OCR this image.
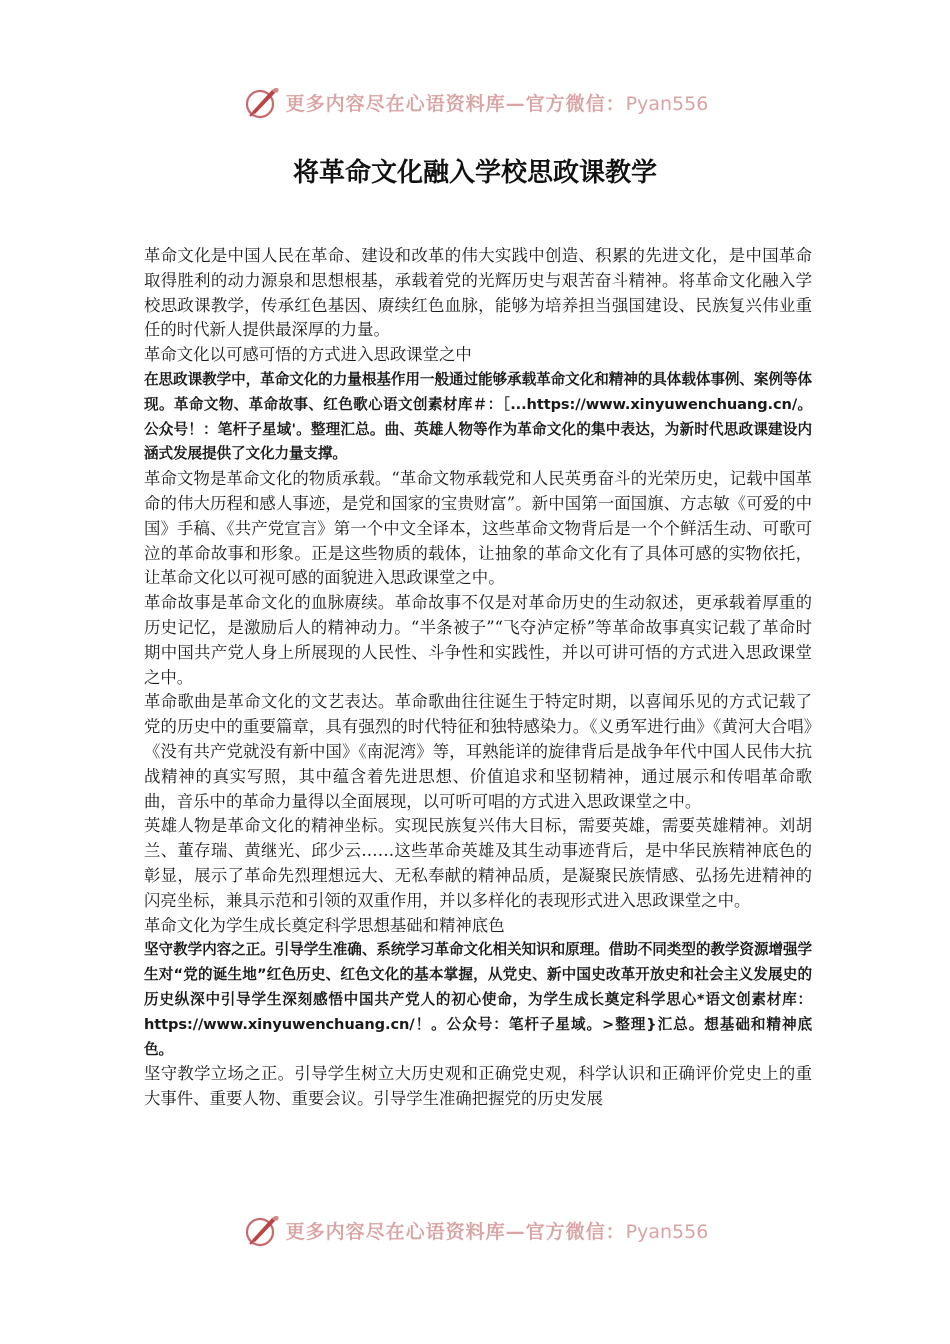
更多内容尽在心语资料库—官方微信：Pyan556
将革命文化融入学校思政课教学

革命文化是中国人民在革命、建设和改革的伟大实践中创造、积累的先进文化，是中国革命取得胜利的动力源泉和思想根基，承载着党的光辉历史与艰苦奋斗精神。将革命文化融入学校思政课教学，传承红色基因、赓续红色血脉，能够为培养担当强国建设、民族复兴伟业重任的时代新人提供最深厚的力量。

革命文化以可感可悟的方式进入思政课堂之中

在思政课教学中，革命文化的力量根基作用一般通过能够承载革命文化和精神的具体载体事例、案例等体现。革命文物、革命故事、红色歌心语文创素材库＃：［...https://www.xinyuwenchuang.cn/。公众号！：笔杆子星域'。整理汇总。曲、英雄人物等作为革命文化的集中表达，为新时代思政课建设内涵式发展提供了文化力量支撑。

革命文物是革命文化的物质承载。“革命文物承载党和人民英勇奋斗的光荣历史，记载中国革命的伟大历程和感人事迹，是党和国家的宝贵财富”。新中国第一面国旗、方志敏《可爱的中国》手稿、《共产党宣言》第一个中文全译本，这些革命文物背后是一个个鲜活生动、可歌可泣的革命故事和形象。正是这些物质的载体，让抽象的革命文化有了具体可感的实物依托，让革命文化以可视可感的面貌进入思政课堂之中。

革命故事是革命文化的血脉赓续。革命故事不仅是对革命历史的生动叙述，更承载着厚重的历史记忆，是激励后人的精神动力。“半条被子”“飞夺泸定桥”等革命故事真实记载了革命时期中国共产党人身上所展现的人民性、斗争性和实践性，并以可讲可悟的方式进入思政课堂之中。

革命歌曲是革命文化的文艺表达。革命歌曲往往诞生于特定时期，以喜闻乐见的方式记载了党的历史中的重要篇章，具有强烈的时代特征和独特感染力。《义勇军进行曲》《黄河大合唱》《没有共产党就没有新中国》《南泥湾》等，耳熟能详的旋律背后是战争年代中国人民伟大抗战精神的真实写照，其中蕴含着先进思想、价值追求和坚韧精神，通过展示和传唱革命歌曲，音乐中的革命力量得以全面展现，以可听可唱的方式进入思政课堂之中。

英雄人物是革命文化的精神坐标。实现民族复兴伟大目标，需要英雄，需要英雄精神。刘胡兰、董存瑞、黄继光、邱少云……这些革命英雄及其生动事迹背后，是中华民族精神底色的彰显，展示了革命先烈理想远大、无私奉献的精神品质，是凝聚民族情感、弘扬先进精神的闪亮坐标，兼具示范和引领的双重作用，并以多样化的表现形式进入思政课堂之中。

革命文化为学生成长奠定科学思想基础和精神底色

坚守教学内容之正。引导学生准确、系统学习革命文化相关知识和原理。借助不同类型的教学资源增强学生对“党的诞生地”红色历史、红色文化的基本掌握，从党史、新中国史改革开放史和社会主义发展史的历史纵深中引导学生深刻感悟中国共产党人的初心使命，为学生成长奠定科学思心*语文创素材库：https://www.xinyuwenchuang.cn/！。公众号：笔杆子星域。>整理}汇总。想基础和精神底色。

坚守教学立场之正。引导学生树立大历史观和正确党史观，科学认识和正确评价党史上的重大事件、重要人物、重要会议。引导学生准确把握党的历史发展

更多内容尽在心语资料库—官方微信：Pyan556
